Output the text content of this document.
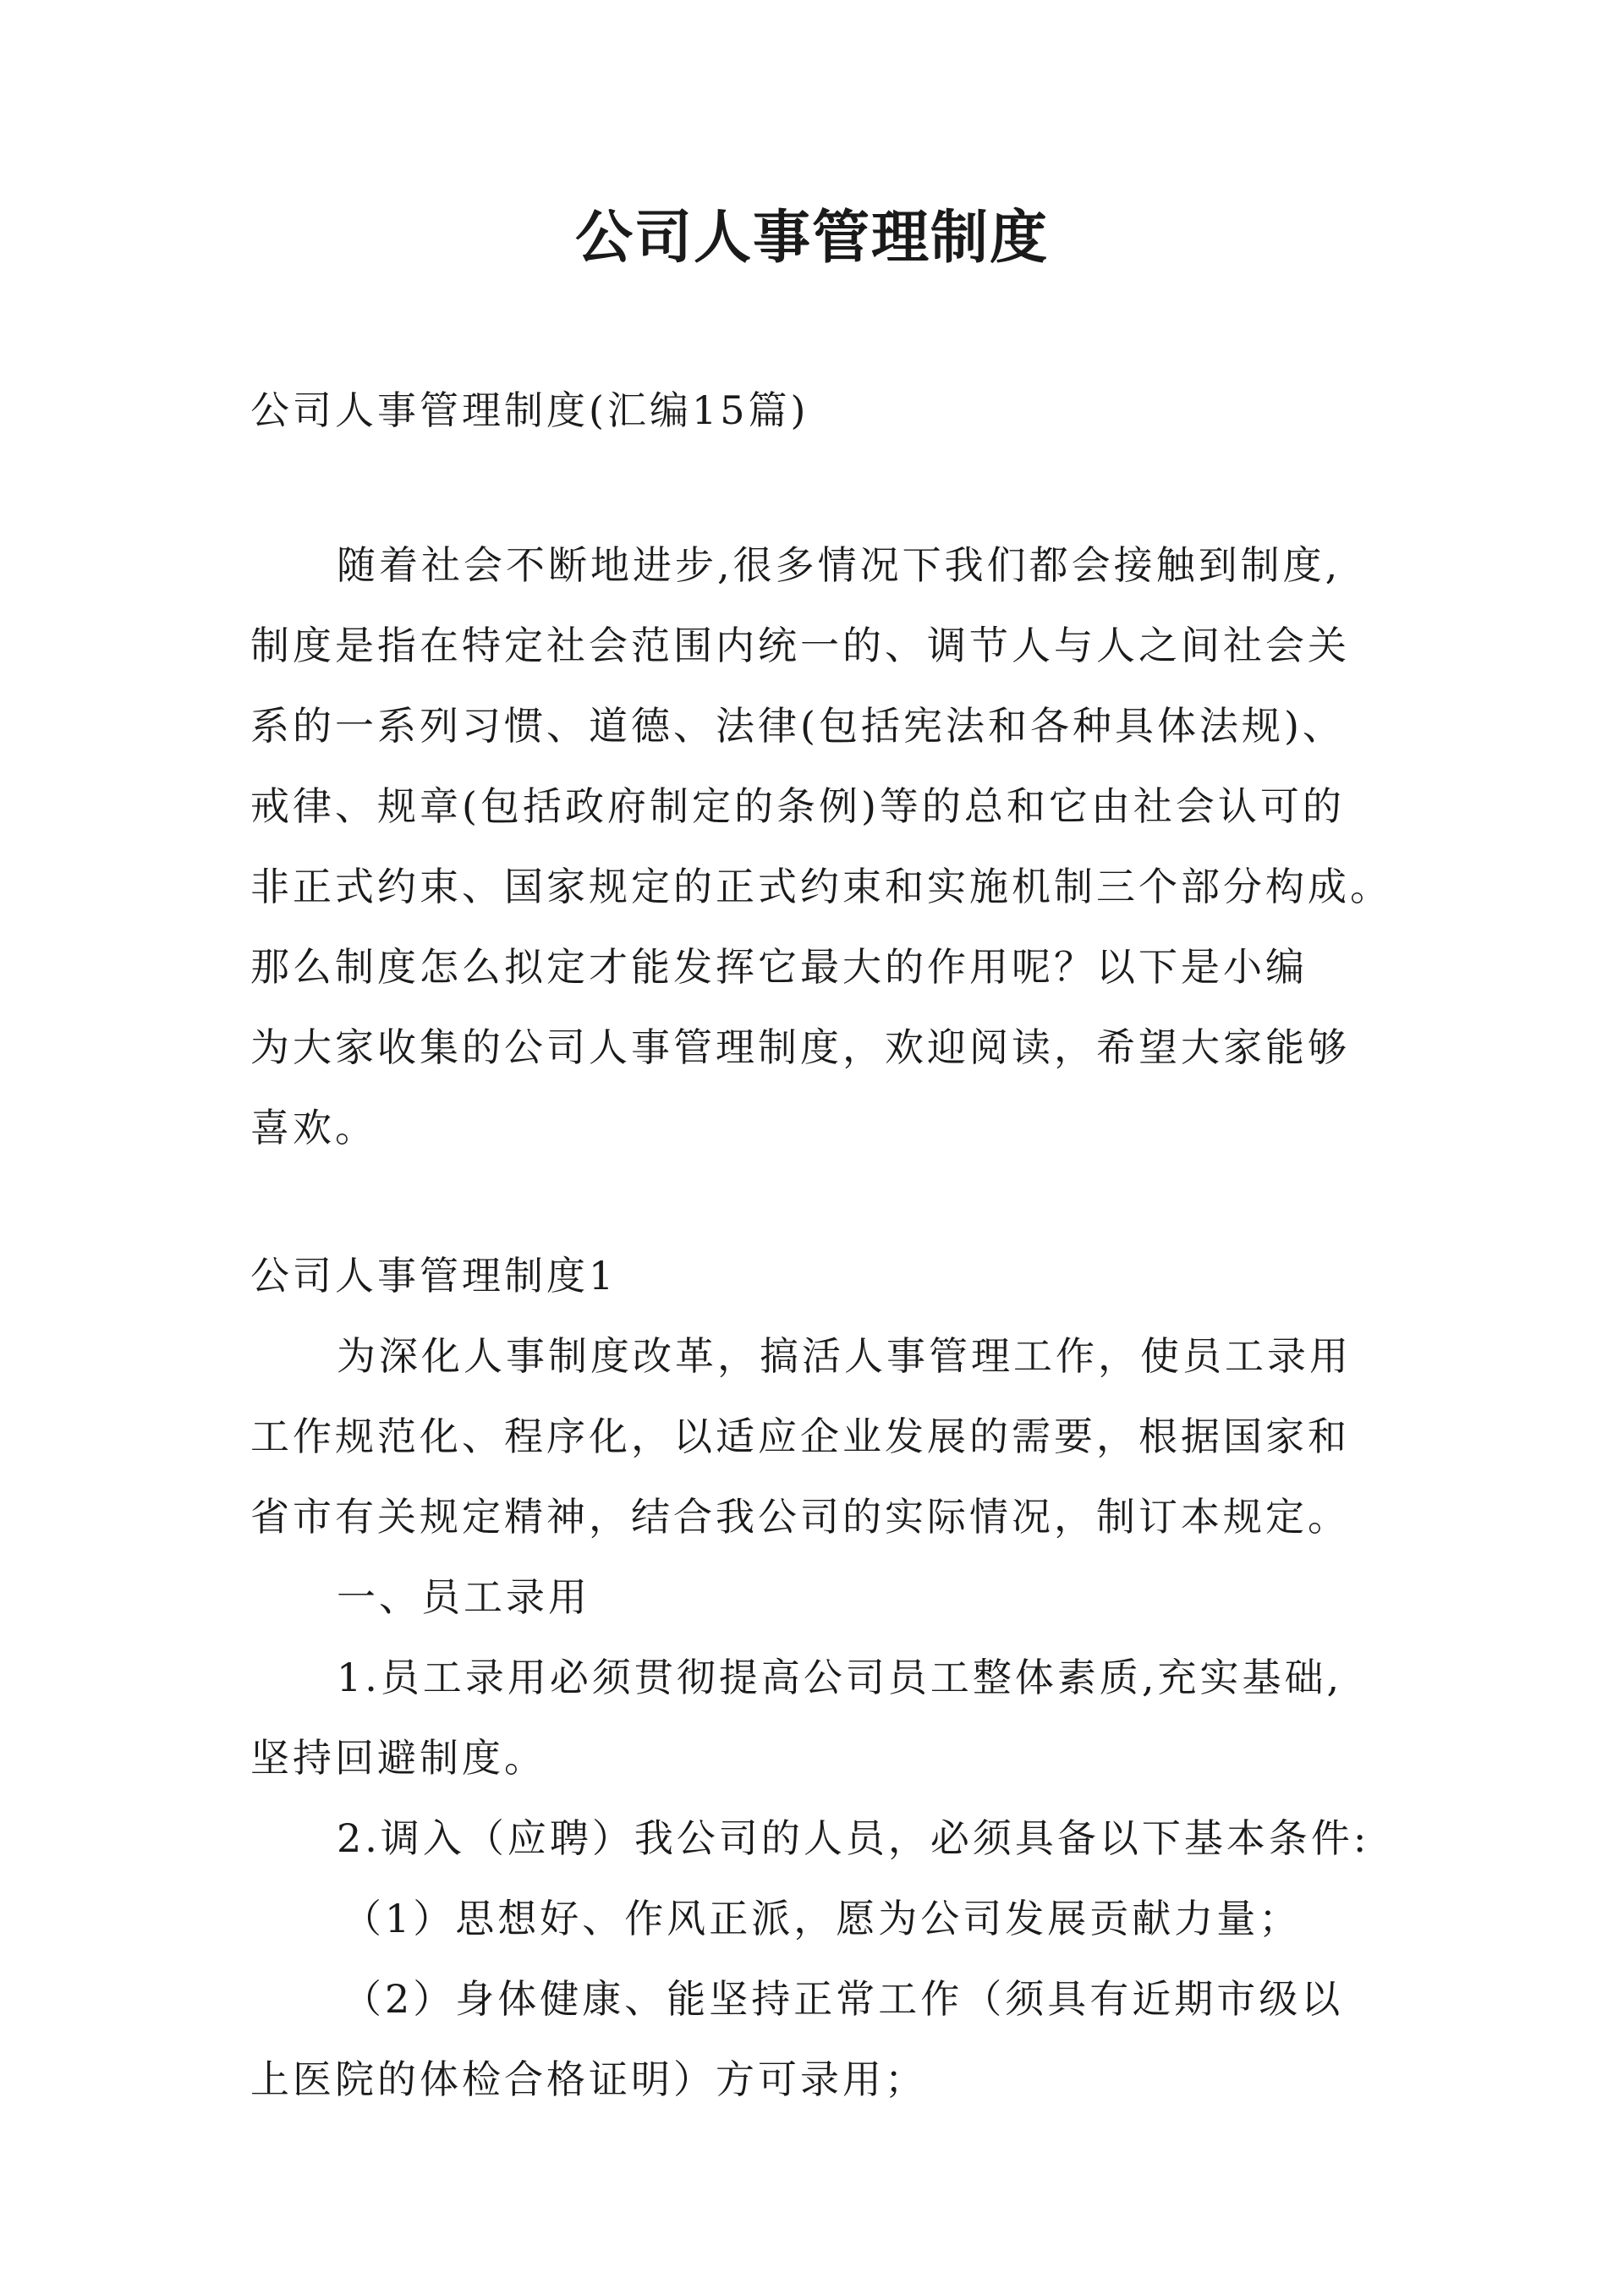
公司人事管理制度
公司人事管理制度(汇编15篇)
随着社会不断地进步,很多情况下我们都会接触到制度,
制度是指在特定社会范围内统一的、调节人与人之间社会关
系的一系列习惯、道德、法律(包括宪法和各种具体法规)、
戒律、规章(包括政府制定的条例)等的总和它由社会认可的
非正式约束、国家规定的正式约束和实施机制三个部分构成。
那么制度怎么拟定才能发挥它最大的作用呢？以下是小编
为大家收集的公司人事管理制度，欢迎阅读，希望大家能够
喜欢。
公司人事管理制度1
为深化人事制度改革，搞活人事管理工作，使员工录用
工作规范化、程序化，以适应企业发展的需要，根据国家和
省市有关规定精神，结合我公司的实际情况，制订本规定。
一、员工录用
1.员工录用必须贯彻提高公司员工整体素质,充实基础,
坚持回避制度。
2.调入（应聘）我公司的人员，必须具备以下基本条件:
（1）思想好、作风正派，愿为公司发展贡献力量；
（2）身体健康、能坚持正常工作（须具有近期市级以
上医院的体检合格证明）方可录用；
